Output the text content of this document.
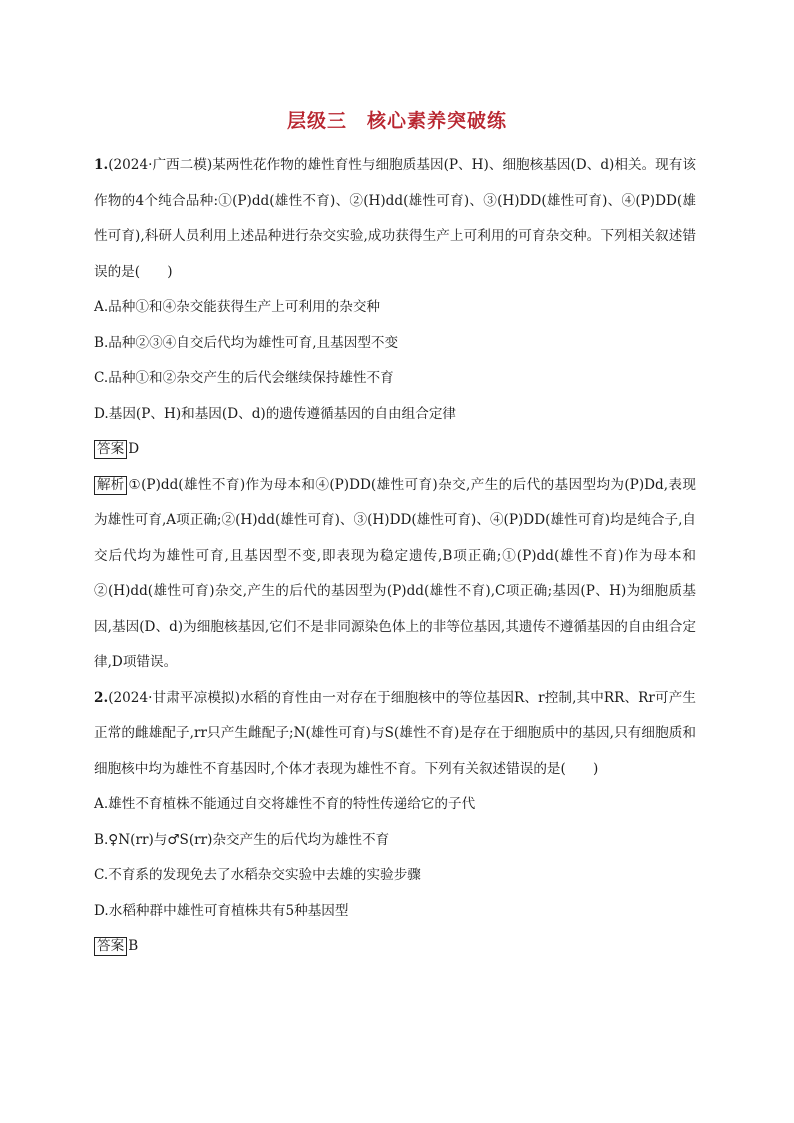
层级三　核心素养突破练

1.(2024·广西二模)某两性花作物的雄性育性与细胞质基因(P、H)、细胞核基因(D、d)相关。现有该作物的4个纯合品种:①(P)dd(雄性不育)、②(H)dd(雄性可育)、③(H)DD(雄性可育)、④(P)DD(雄性可育),科研人员利用上述品种进行杂交实验,成功获得生产上可利用的可育杂交种。下列相关叙述错误的是(　　)

A.品种①和④杂交能获得生产上可利用的杂交种

B.品种②③④自交后代均为雄性可育,且基因型不变

C.品种①和②杂交产生的后代会继续保持雄性不育

D.基因(P、H)和基因(D、d)的遗传遵循基因的自由组合定律

答案 D

解析 ①(P)dd(雄性不育)作为母本和④(P)DD(雄性可育)杂交,产生的后代的基因型均为(P)Dd,表现为雄性可育,A项正确;②(H)dd(雄性可育)、③(H)DD(雄性可育)、④(P)DD(雄性可育)均是纯合子,自交后代均为雄性可育,且基因型不变,即表现为稳定遗传,B项正确;①(P)dd(雄性不育)作为母本和②(H)dd(雄性可育)杂交,产生的后代的基因型为(P)dd(雄性不育),C项正确;基因(P、H)为细胞质基因,基因(D、d)为细胞核基因,它们不是非同源染色体上的非等位基因,其遗传不遵循基因的自由组合定律,D项错误。

2.(2024·甘肃平凉模拟)水稻的育性由一对存在于细胞核中的等位基因R、r控制,其中RR、Rr可产生正常的雌雄配子,rr只产生雌配子;N(雄性可育)与S(雄性不育)是存在于细胞质中的基因,只有细胞质和细胞核中均为雄性不育基因时,个体才表现为雄性不育。下列有关叙述错误的是(　　)

A.雄性不育植株不能通过自交将雄性不育的特性传递给它的子代

B.♀N(rr)与♂S(rr)杂交产生的后代均为雄性不育

C.不育系的发现免去了水稻杂交实验中去雄的实验步骤

D.水稻种群中雄性可育植株共有5种基因型

答案 B
